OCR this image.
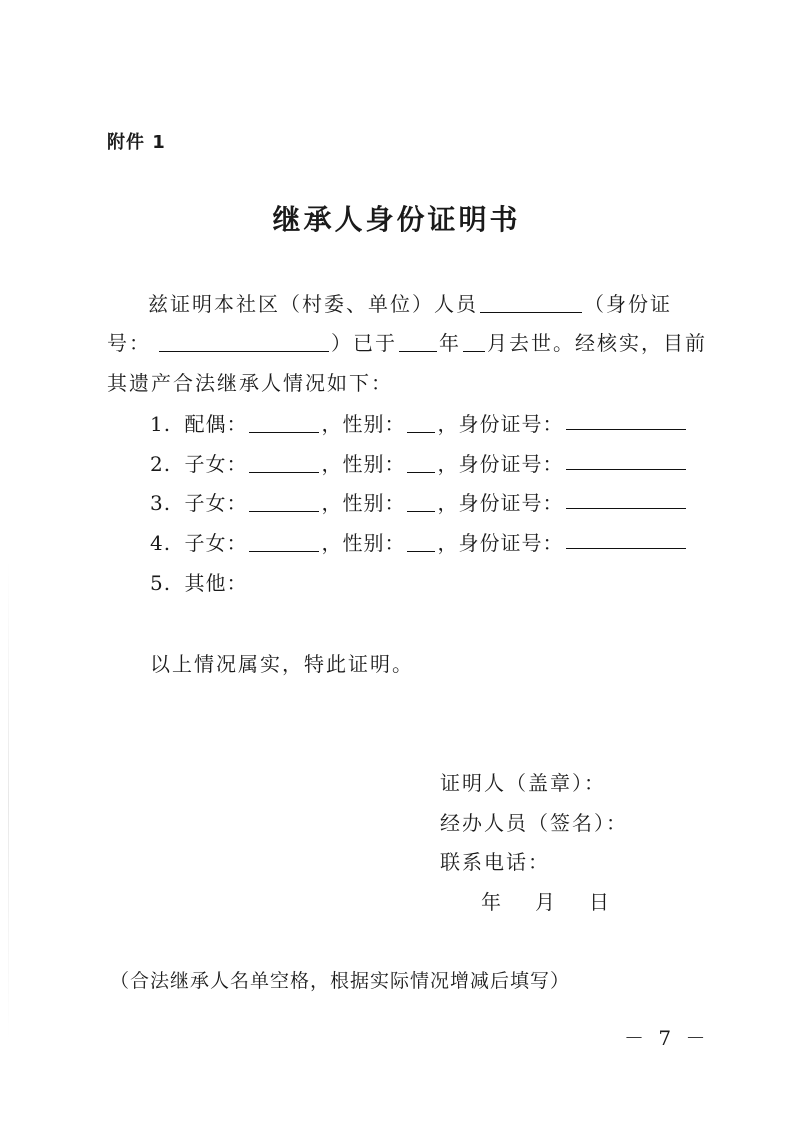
附件 1
继承人身份证明书
兹证明本社区（村委、单位）人员	（身份证
号：	）已于 年 月去世。经核实，目前
其遗产合法继承人情况如下：
1. 配偶：	，性别： ，身份证号：
2. 子女：	，性别： ，身份证号：
3. 子女：	，性别： ，身份证号：
4. 子女：	，性别： ，身份证号：
5. 其他：
以上情况属实，特此证明。
证明人（盖章）：
经办人员（签名）：
联系电话：
年 月 日
（合法继承人名单空格，根据实际情况增减后填写）
－ 7 －
